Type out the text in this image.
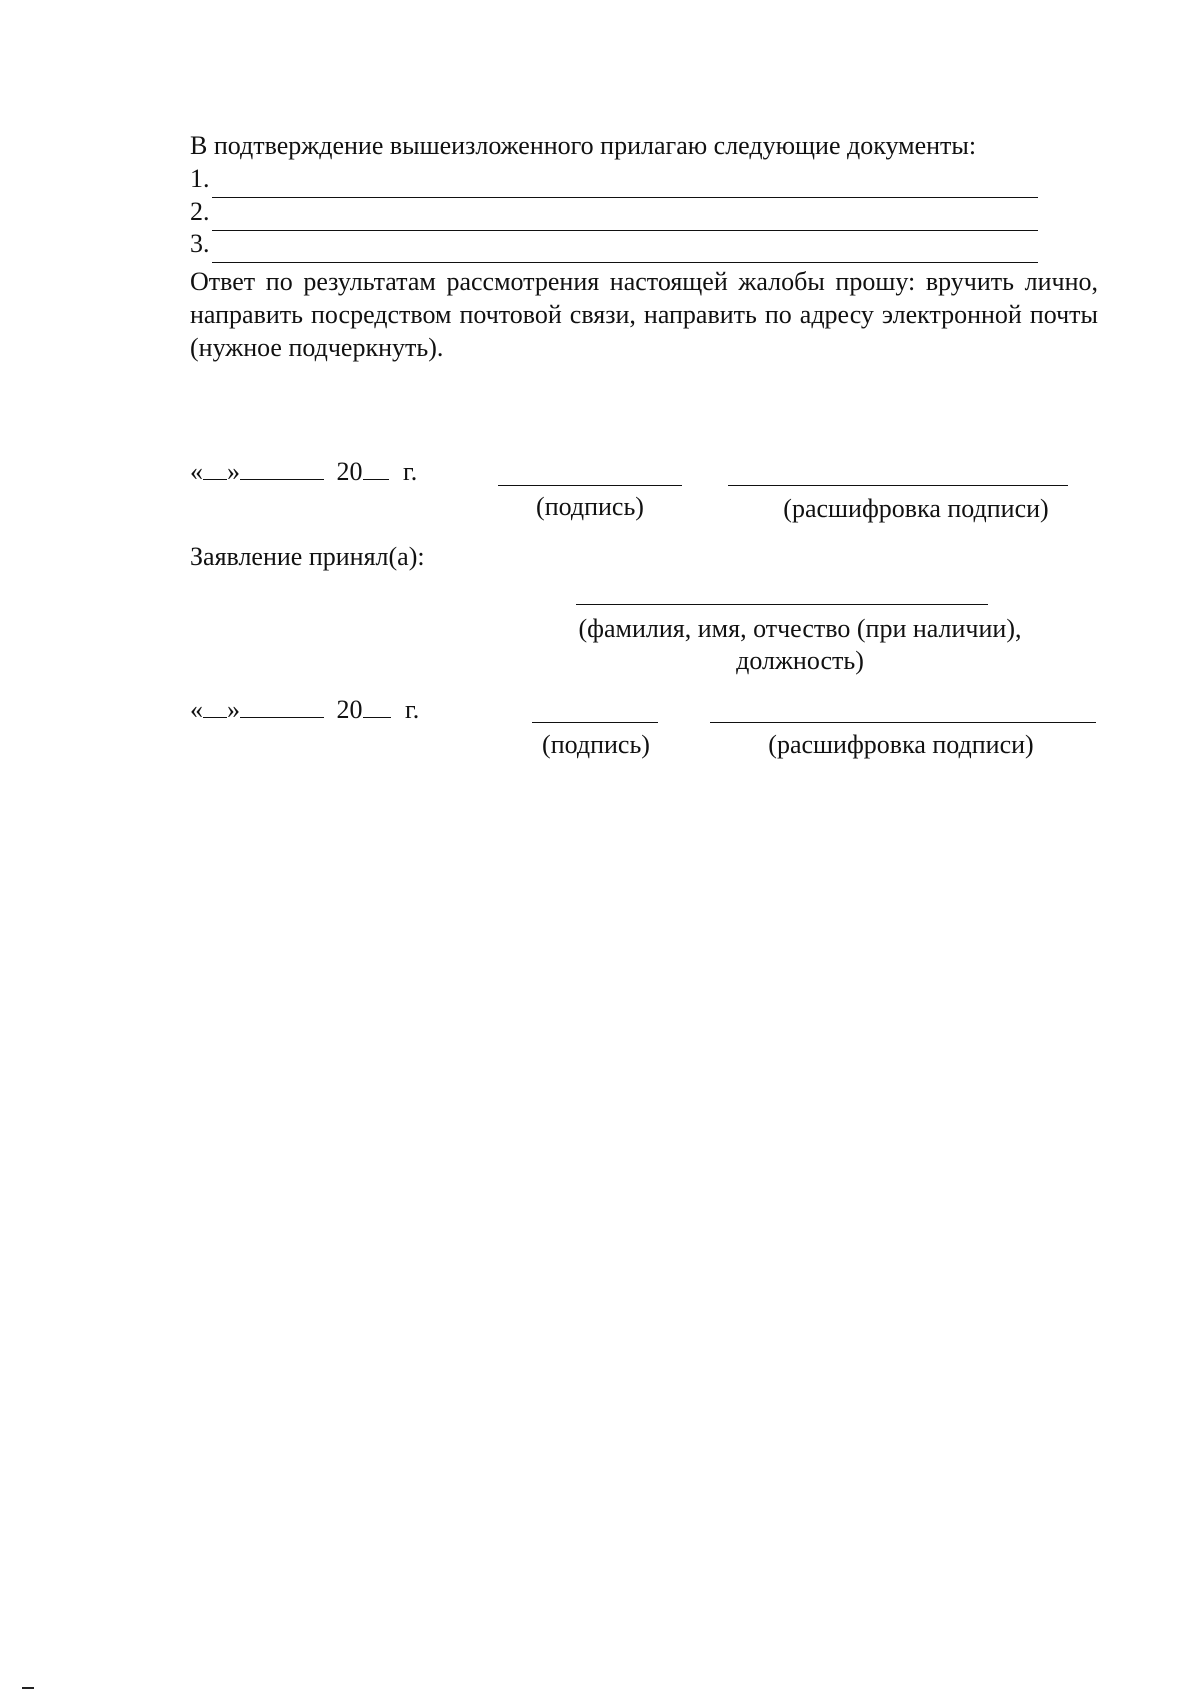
В подтверждение вышеизложенного прилагаю следующие документы:
1.
2.
3.
Ответ по результатам рассмотрения настоящей жалобы прошу: вручить лично, направить посредством почтовой связи, направить по адресу электронной почты (нужное подчеркнуть).
« »	20 г.
(подпись)	(расшифровка подписи)
Заявление принял(а):
(фамилия, имя, отчество (при наличии),
должность)
« »	20 г.
(подпись)	(расшифровка подписи)
